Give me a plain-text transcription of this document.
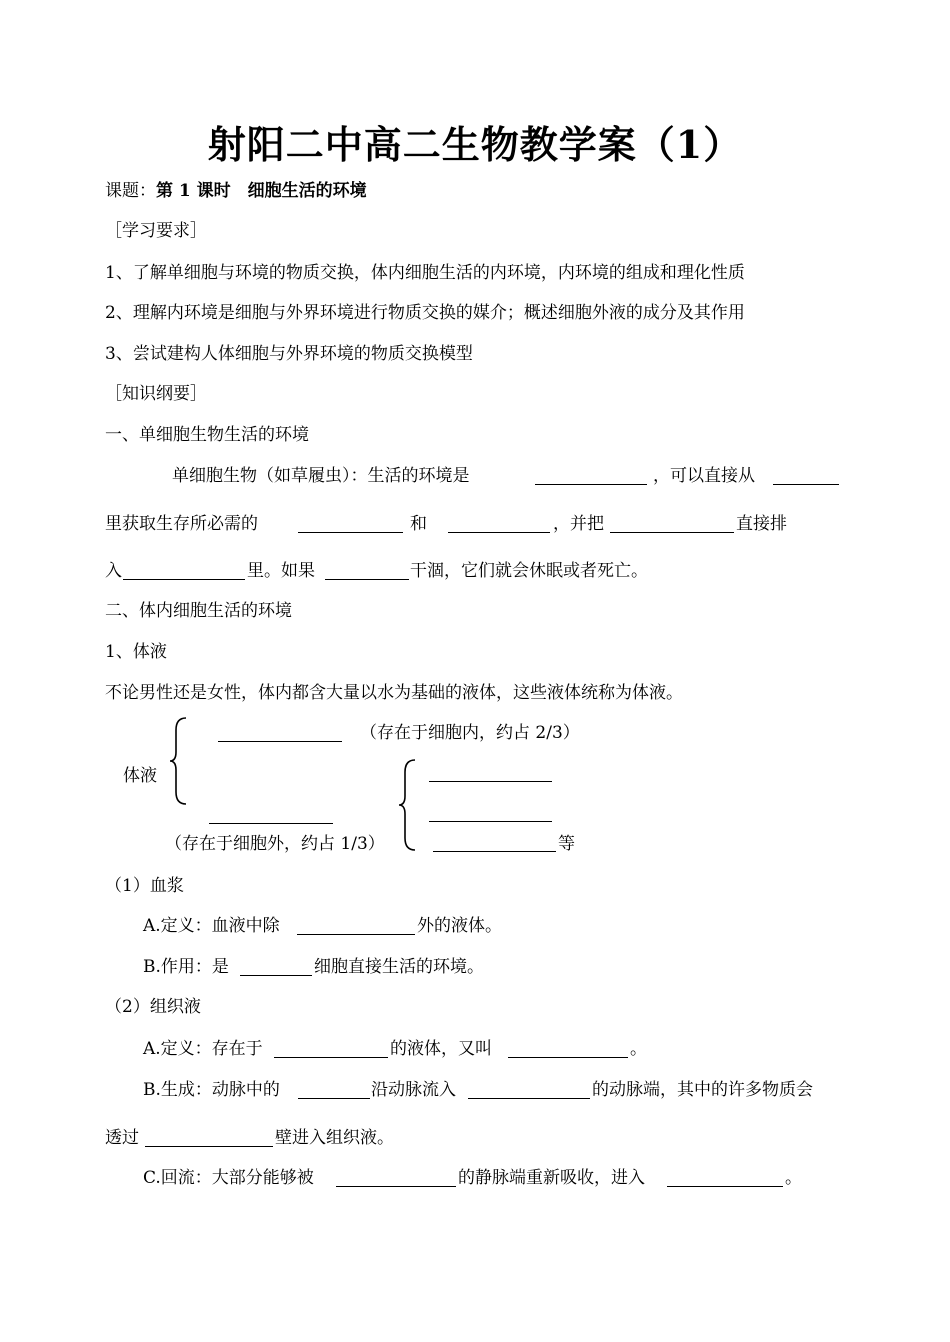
射阳二中高二生物教学案（1）
课题：第 1 课时　细胞生活的环境
［学习要求］
1、了解单细胞与环境的物质交换，体内细胞生活的内环境，内环境的组成和理化性质
2、理解内环境是细胞与外界环境进行物质交换的媒介；概述细胞外液的成分及其作用
3、尝试建构人体细胞与外界环境的物质交换模型
［知识纲要］
一、单细胞生物生活的环境
单细胞生物（如草履虫）：生活的环境是	，可以直接从
里获取生存所必需的	和	，并把	直接排
入	里。如果	干涸，它们就会休眠或者死亡。
二、体内细胞生活的环境
1、体液
不论男性还是女性，体内都含大量以水为基础的液体，这些液体统称为体液。
体液
（存在于细胞内，约占 2/3）
（存在于细胞外，约占 1/3）	等
（1）血浆
A.定义：血液中除	外的液体。
B.作用：是	细胞直接生活的环境。
（2）组织液
A.定义：存在于	的液体，又叫	。
B.生成：动脉中的	沿动脉流入	的动脉端，其中的许多物质会
透过	壁进入组织液。
C.回流：大部分能够被	的静脉端重新吸收，进入	。
